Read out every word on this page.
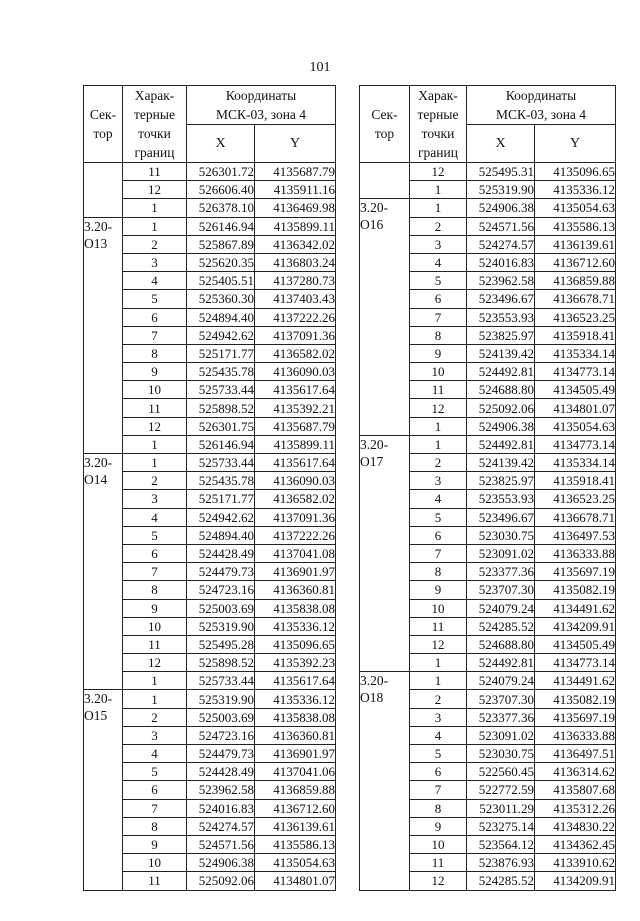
101
Сек-
тор	Харак-
терные
точки
границ	Координаты
МСК-03, зона 4	
		X	Y
	11	526301.72	4135687.79
	12	526606.40	4135911.16
	1	526378.10	4136469.98
3.20-
О13	1	526146.94	4135899.11
	2	525867.89	4136342.02
	3	525620.35	4136803.24
	4	525405.51	4137280.73
	5	525360.30	4137403.43
	6	524894.40	4137222.26
	7	524942.62	4137091.36
	8	525171.77	4136582.02
	9	525435.78	4136090.03
	10	525733.44	4135617.64
	11	525898.52	4135392.21
	12	526301.75	4135687.79
	1	526146.94	4135899.11
3.20-
О14	1	525733.44	4135617.64
	2	525435.78	4136090.03
	3	525171.77	4136582.02
	4	524942.62	4137091.36
	5	524894.40	4137222.26
	6	524428.49	4137041.08
	7	524479.73	4136901.97
	8	524723.16	4136360.81
	9	525003.69	4135838.08
	10	525319.90	4135336.12
	11	525495.28	4135096.65
	12	525898.52	4135392.23
	1	525733.44	4135617.64
3.20-
О15	1	525319.90	4135336.12
	2	525003.69	4135838.08
	3	524723.16	4136360.81
	4	524479.73	4136901.97
	5	524428.49	4137041.06
	6	523962.58	4136859.88
	7	524016.83	4136712.60
	8	524274.57	4136139.61
	9	524571.56	4135586.13
	10	524906.38	4135054.63
	11	525092.06	4134801.07
Сек-
тор	Харак-
терные
точки
границ	Координаты
МСК-03, зона 4	
		X	Y
	12	525495.31	4135096.65
	1	525319.90	4135336.12
3.20-
О16	1	524906.38	4135054.63
	2	524571.56	4135586.13
	3	524274.57	4136139.61
	4	524016.83	4136712.60
	5	523962.58	4136859.88
	6	523496.67	4136678.71
	7	523553.93	4136523.25
	8	523825.97	4135918.41
	9	524139.42	4135334.14
	10	524492.81	4134773.14
	11	524688.80	4134505.49
	12	525092.06	4134801.07
	1	524906.38	4135054.63
3.20-
О17	1	524492.81	4134773.14
	2	524139.42	4135334.14
	3	523825.97	4135918.41
	4	523553.93	4136523.25
	5	523496.67	4136678.71
	6	523030.75	4136497.53
	7	523091.02	4136333.88
	8	523377.36	4135697.19
	9	523707.30	4135082.19
	10	524079.24	4134491.62
	11	524285.52	4134209.91
	12	524688.80	4134505.49
	1	524492.81	4134773.14
3.20-
О18	1	524079.24	4134491.62
	2	523707.30	4135082.19
	3	523377.36	4135697.19
	4	523091.02	4136333.88
	5	523030.75	4136497.51
	6	522560.45	4136314.62
	7	522772.59	4135807.68
	8	523011.29	4135312.26
	9	523275.14	4134830.22
	10	523564.12	4134362.45
	11	523876.93	4133910.62
	12	524285.52	4134209.91
